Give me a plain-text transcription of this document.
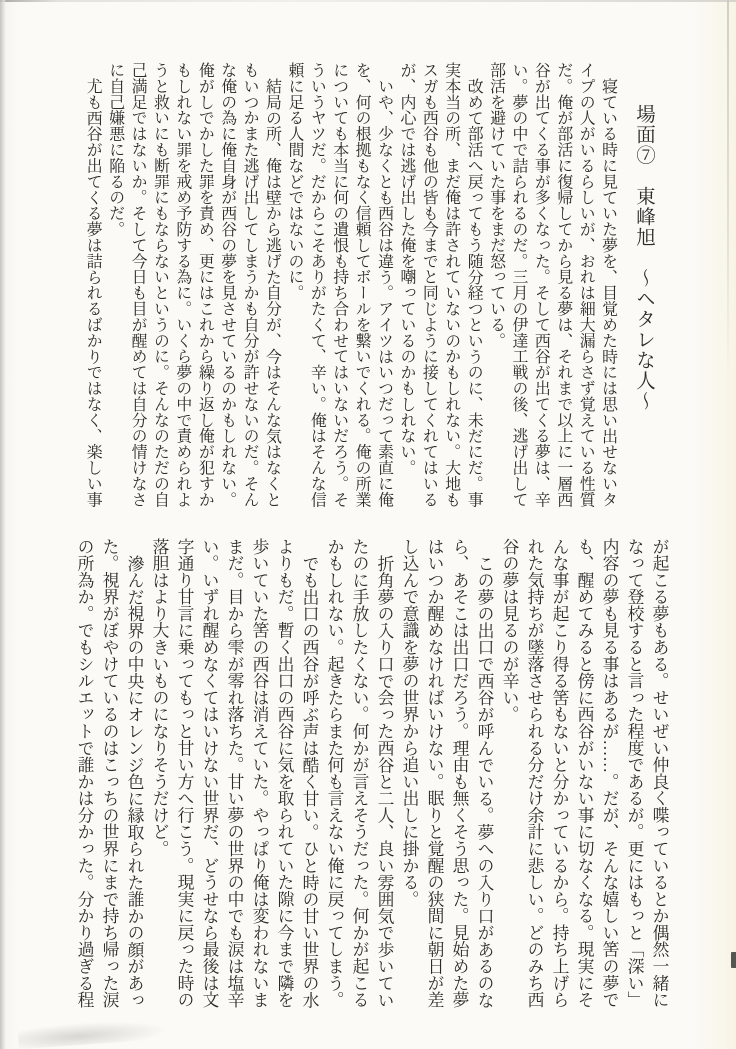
場面⑦　東峰旭　～ヘタレな人～

寝ている時に見ていた夢を、目覚めた時には思い出せないタイプの人がいるらしいが、おれは細大漏らさず覚えている性質だ。俺が部活に復帰してから見る夢は、それまで以上に一層西谷が出てくる事が多くなった。そして西谷が出てくる夢は、辛い。夢の中で詰られるのだ。三月の伊達工戦の後、逃げ出して部活を避けていた事をまだ怒っている。

改めて部活へ戻ってもう随分経つというのに、未だにだ。事実本当の所、まだ俺は許されていないのかもしれない。大地もスガも西谷も他の皆も今までと同じように接してくれてはいるが、内心では逃げ出した俺を嘲っているのかもしれない。

いや、少なくとも西谷は違う。アイツはいつだって素直に俺を、何の根拠もなく信頼してボールを繋いでくれる。俺の所業についても本当に何の遺恨も持ち合わせてはいないだろう。そういうヤツだ。だからこそありがたくて、辛い。俺はそんな信頼に足る人間などではないのに。

結局の所、俺は壁から逃げた自分が、今はそんな気はなくともいつかまた逃げ出してしまうかも自分が許せないのだ。そんな俺の為に俺自身が西谷の夢を見させているのかもしれない。俺がしでかした罪を責め、更にはこれから繰り返し俺が犯すかもしれない罪を戒め予防する為に。いくら夢の中で責められようと救いにも断罪にもならないというのに。そんなのただの自己満足ではないか。そして今日も目が醒めては自分の情けなさに自己嫌悪に陥るのだ。

尤も西谷が出てくる夢は詰られるばかりではなく、楽しい事

が起こる夢もある。せいぜい仲良く喋っているとか偶然一緒になって登校すると言った程度であるが。更にはもっと「深い」内容の夢も見る事はあるが……。だが、そんな嬉しい筈の夢でも、醒めてみると傍に西谷がいない事に切なくなる。現実にそんな事が起こり得る筈もないと分かっているから。持ち上げられた気持ちが墜落させられる分だけ余計に悲しい。どのみち西谷の夢は見るのが辛い。

この夢の出口で西谷が呼んでいる。夢への入り口があるのなら、あそこは出口だろう。理由も無くそう思った。見始めた夢はいつか醒めなければいけない。眠りと覚醒の狭間に朝日が差し込んで意識を夢の世界から追い出しに掛かる。

折角夢の入り口で会った西谷と二人、良い雰囲気で歩いていたのに手放したくない。何かが言えそうだった。何かが起こるかもしれない。起きたらまた何も言えない俺に戻ってしまう。

でも出口の西谷が呼ぶ声は酷く甘い。ひと時の甘い世界の水よりもだ。暫く出口の西谷に気を取られていた隙に今まで隣を歩いていた筈の西谷は消えていた。やっぱり俺は変われないままだ。目から雫が零れ落ちた。甘い夢の世界の中でも涙は塩辛い。いずれ醒めなくてはいけない世界だ、どうせなら最後は文字通り甘言に乗ってもっと甘い方へ行こう。現実に戻った時の落胆はより大きいものになりそうだけど。

滲んだ視界の中央にオレンジ色に縁取られた誰かの顔があった。視界がぼやけているのはこっちの世界にまで持ち帰った涙の所為か。でもシルエットで誰かは分かった。分かり過ぎる程
